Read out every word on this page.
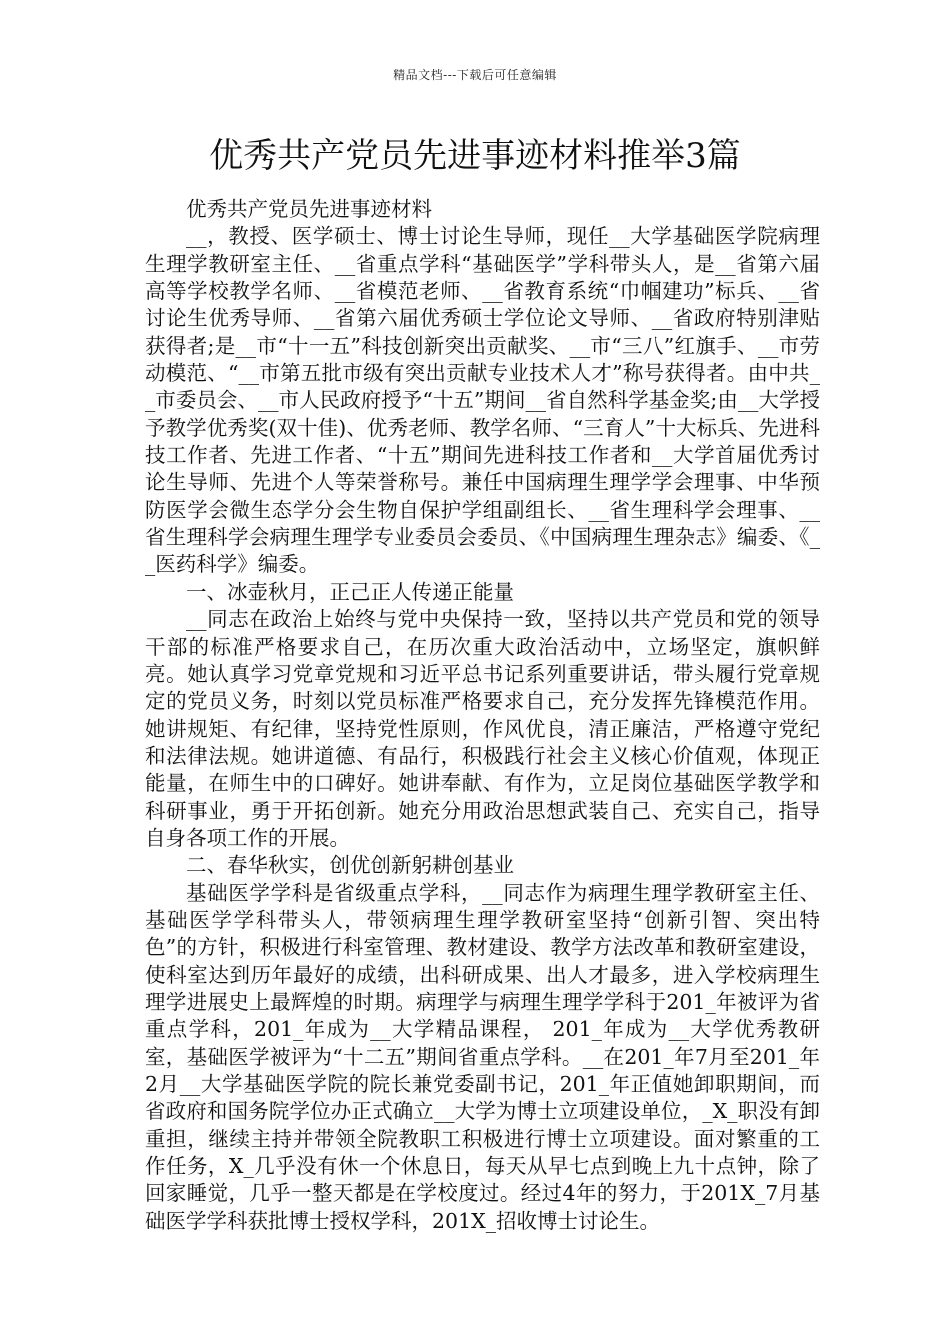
精品文档---下载后可任意编辑
优秀共产党员先进事迹材料推举3篇

优秀共产党员先进事迹材料

__，教授、医学硕士、博士讨论生导师，现任__大学基础医学院病理生理学教研室主任、__省重点学科“基础医学”学科带头人，是__省第六届高等学校教学名师、__省模范老师、__省教育系统“巾帼建功”标兵、__省讨论生优秀导师、__省第六届优秀硕士学位论文导师、__省政府特别津贴获得者;是__市“十一五”科技创新突出贡献奖、__市“三八”红旗手、__市劳动模范、“__市第五批市级有突出贡献专业技术人才”称号获得者。由中共__市委员会、__市人民政府授予“十五”期间__省自然科学基金奖;由__大学授予教学优秀奖(双十佳)、优秀老师、教学名师、“三育人”十大标兵、先进科技工作者、先进工作者、“十五”期间先进科技工作者和__大学首届优秀讨论生导师、先进个人等荣誉称号。兼任中国病理生理学学会理事、中华预防医学会微生态学分会生物自保护学组副组长、__省生理科学会理事、__省生理科学会病理生理学专业委员会委员、《中国病理生理杂志》编委、《__医药科学》编委。

一、冰壶秋月，正己正人传递正能量

__同志在政治上始终与党中央保持一致，坚持以共产党员和党的领导干部的标准严格要求自己，在历次重大政治活动中，立场坚定，旗帜鲜亮。她认真学习党章党规和习近平总书记系列重要讲话，带头履行党章规定的党员义务，时刻以党员标准严格要求自己，充分发挥先锋模范作用。她讲规矩、有纪律，坚持党性原则，作风优良，清正廉洁，严格遵守党纪和法律法规。她讲道德、有品行，积极践行社会主义核心价值观，体现正能量，在师生中的口碑好。她讲奉献、有作为，立足岗位基础医学教学和科研事业，勇于开拓创新。她充分用政治思想武装自己、充实自己，指导自身各项工作的开展。

二、春华秋实，创优创新躬耕创基业

基础医学学科是省级重点学科，__同志作为病理生理学教研室主任、基础医学学科带头人，带领病理生理学教研室坚持“创新引智、突出特色”的方针，积极进行科室管理、教材建设、教学方法改革和教研室建设，使科室达到历年最好的成绩，出科研成果、出人才最多，进入学校病理生理学进展史上最辉煌的时期。病理学与病理生理学学科于201_年被评为省重点学科，201_年成为__大学精品课程， 201_年成为__大学优秀教研室，基础医学被评为“十二五”期间省重点学科。__在201_年7月至201_年2月__大学基础医学院的院长兼党委副书记，201_年正值她卸职期间，而省政府和国务院学位办正式确立__大学为博士立项建设单位，_X_职没有卸重担，继续主持并带领全院教职工积极进行博士立项建设。面对繁重的工作任务，X_几乎没有休一个休息日，每天从早七点到晚上九十点钟，除了回家睡觉，几乎一整天都是在学校度过。经过4年的努力，于201X_7月基础医学学科获批博士授权学科，201X_招收博士讨论生。
